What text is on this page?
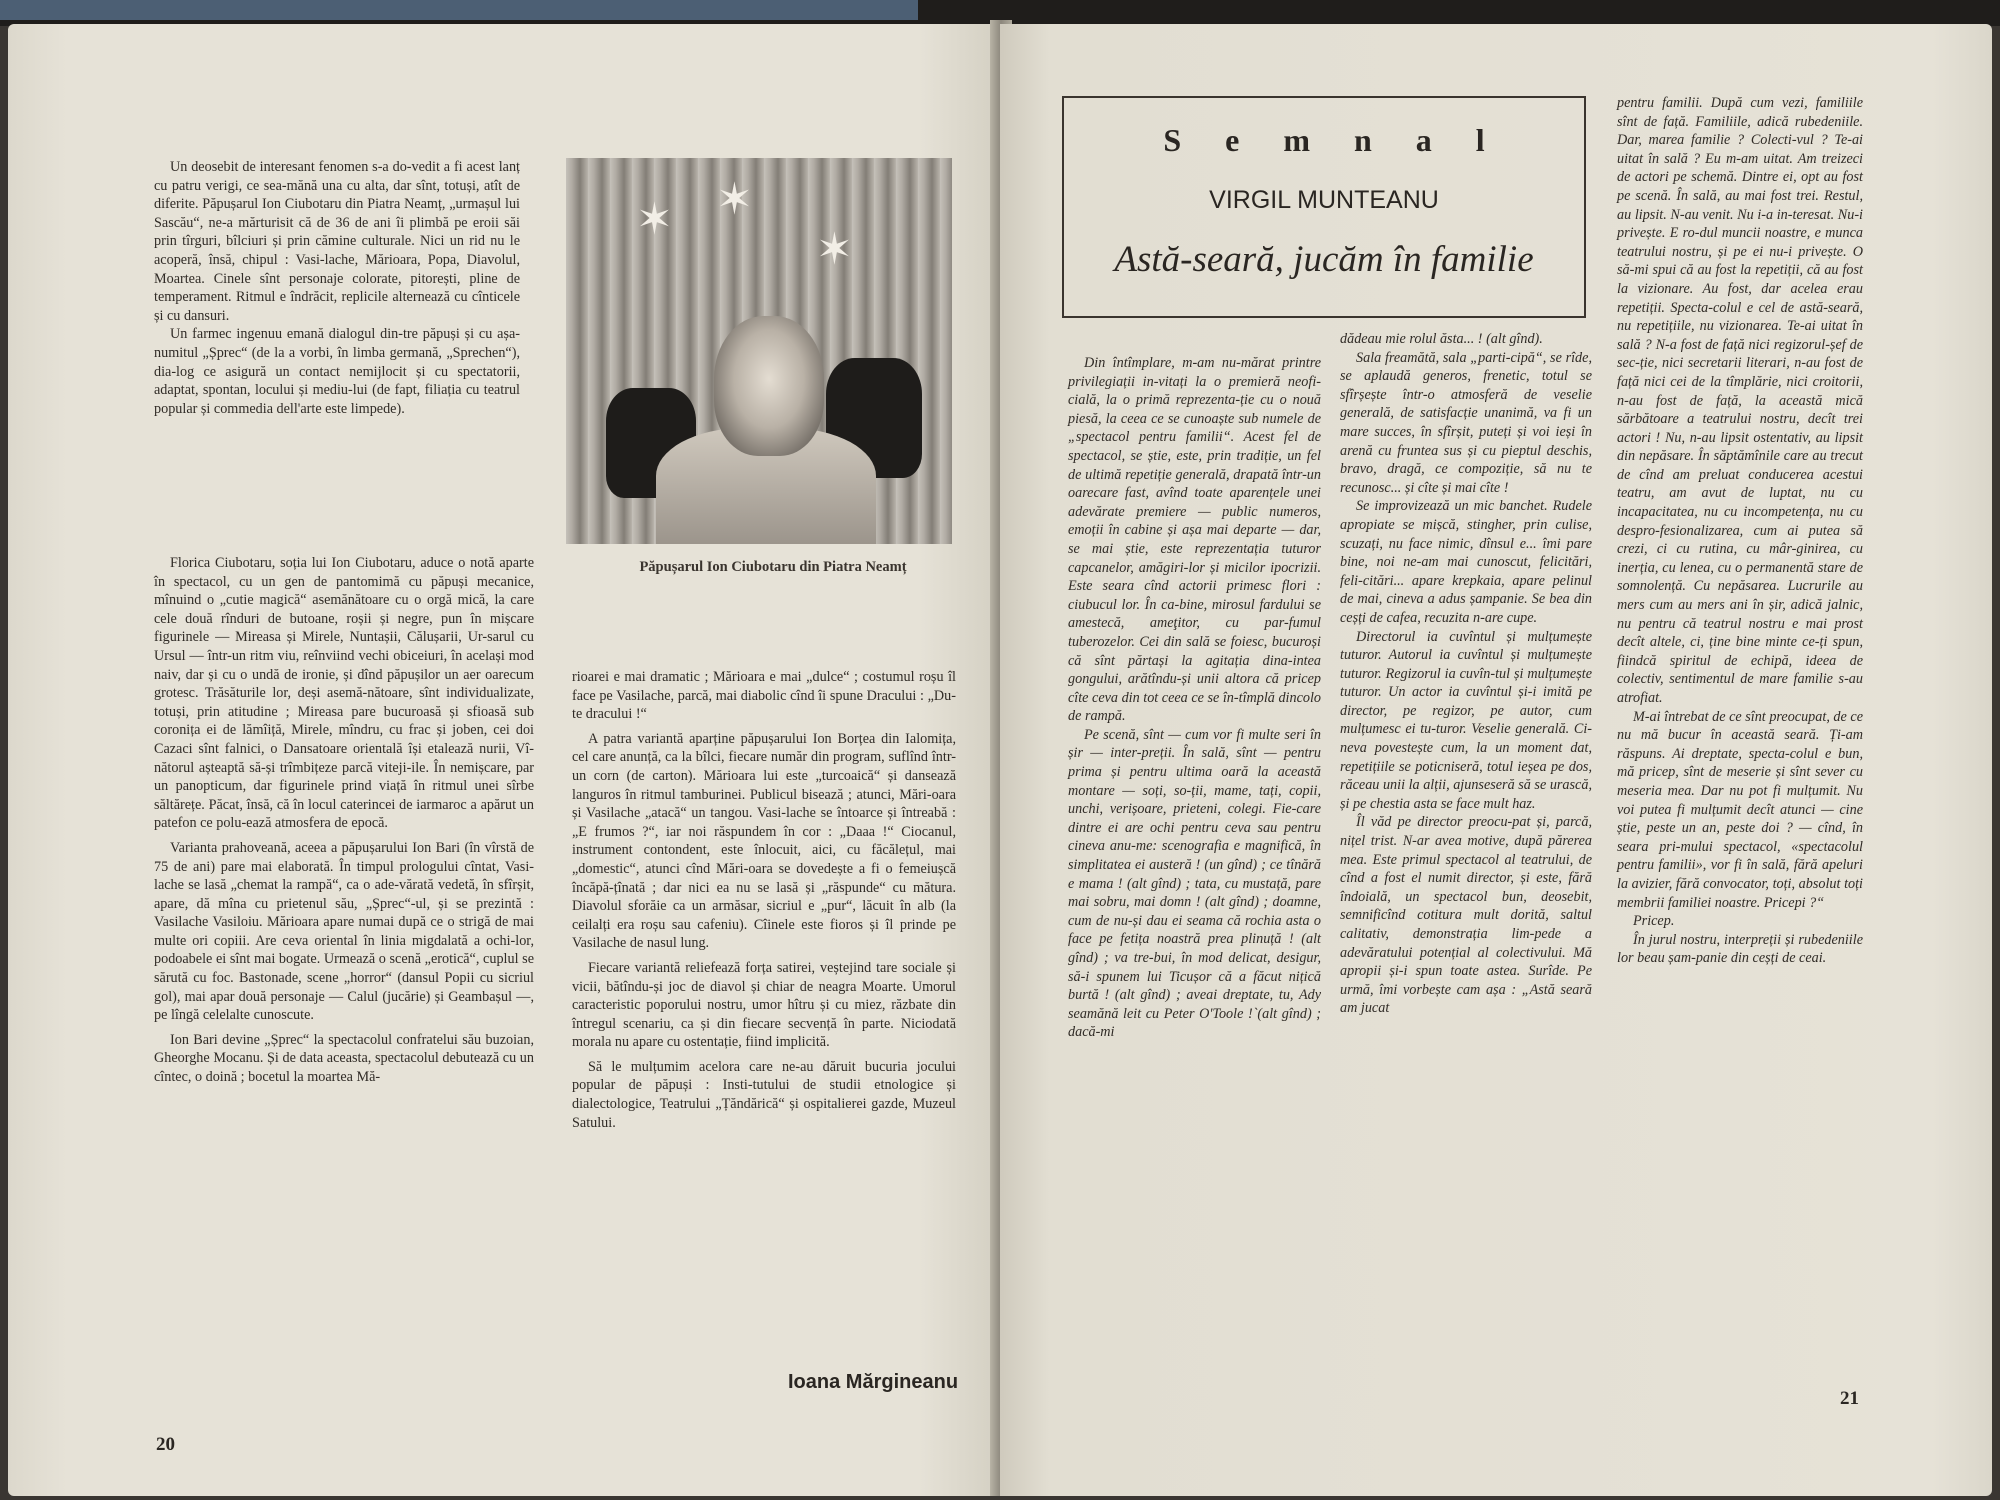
Un deosebit de interesant fenomen s-a do-vedit a fi acest lanț cu patru verigi, ce sea-mănă una cu alta, dar sînt, totuși, atît de diferite. Păpușarul Ion Ciubotaru din Piatra Neamț, „urmașul lui Sasсău“, ne-a mărturisit că de 36 de ani îi plimbă pe eroii săi prin tîrguri, bîlciuri și prin cămine culturale. Nici un rid nu le acoperă, însă, chipul : Vasi-lache, Mărioara, Popa, Diavolul, Moartea. Cinele sînt personaje colorate, pitorești, pline de temperament. Ritmul e îndrăcit, replicile alternează cu cînticele și cu dansuri.

Un farmec ingenuu emană dialogul din-tre păpuși și cu așa-numitul „Șpreс“ (de la a vorbi, în limba germană, „Sprechen“), dia-log ce asigură un contact nemijlocit și cu spectatorii, adaptat, spontan, locului și mediu-lui (de fapt, filiația cu teatrul popular și commedia dell'arte este limpede).

Florica Ciubotaru, soția lui Ion Ciubotaru, aduce o notă aparte în spectacol, cu un gen de pantomimă cu păpuși mecanice, mînuind o „cutie magică“ asemănătoare cu o orgă mică, la care cele două rînduri de butoane, roșii și negre, pun în mișcare figurinele — Mireasa și Mirele, Nuntașii, Călușarii, Ur-sarul cu Ursul — într-un ritm viu, reînviind vechi obiceiuri, în același mod naiv, dar și cu o undă de ironie, și dînd păpușilor un aer oarecum grotesc. Trăsăturile lor, deși asemă-nătoare, sînt individualizate, totuși, prin atitudine ; Mireasa pare bucuroasă și sfioasă sub coronița ei de lămîiță, Mirele, mîndru, cu frac și joben, cei doi Cazaci sînt falnici, o Dansatoare orientală își etalează nurii, Vî-nătorul așteaptă să-și trîmbițeze parcă viteji-ile. În nemișcare, par un panopticum, dar figurinele prind viață în ritmul unei sîrbe săltărețe. Păcat, însă, că în locul caterincei de iarmaroc a apărut un patefon ce polu-ează atmosfera de epocă.

Varianta prahoveană, aceea a păpușarului Ion Bari (în vîrstă de 75 de ani) pare mai elaborată. În timpul prologului cîntat, Vasi-lache se lasă „chemat la rampă“, ca o ade-vărată vedetă, în sfîrșit, apare, dă mîna cu prietenul său, „Șpreс“-ul, și se prezintă : Vasilache Vasiloiu. Mărioara apare numai după ce o strigă de mai multe ori copiii. Are ceva oriental în linia migdalată a ochi-lor, podoabele ei sînt mai bogate. Urmează o scenă „erotică“, cuplul se sărută cu foc. Bastonade, scene „horror“ (dansul Popii cu sicriul gol), mai apar două personaje — Calul (jucărie) și Geambașul —, pe lîngă celelalte cunoscute.

Ion Bari devine „Șpreс“ la spectacolul confratelui său buzoian, Gheorghe Mocanu. Și de data aceasta, spectacolul debutează cu un cîntec, o doină ; bocetul la moartea Mă-

✶ ✶
✶
Păpușarul Ion Ciubotaru din Piatra Neamț

rioarei e mai dramatic ; Mărioara e mai „dulce“ ; costumul roșu îl face pe Vasilache, parcă, mai diabolic cînd îi spune Dracului : „Du-te dracului !“

A patra variantă aparține păpușarului Ion Borțea din Ialomița, cel care anunță, ca la bîlci, fiecare număr din program, suflînd într-un corn (de carton). Mărioara lui este „turcoaică“ și dansează languros în ritmul tamburinei. Publicul bisează ; atunci, Mări-oara și Vasilache „atacă“ un tangou. Vasi-lache se întoarce și întreabă : „E frumos ?“, iar noi răspundem în cor : „Daaa !“ Ciocanul, instrument contondent, este înlocuit, aici, cu făcălețul, mai „domestic“, atunci cînd Mări-oara se dovedește a fi o femeiușcă încăpă-țînată ; dar nici ea nu se lasă și „răspunde“ cu mătura. Diavolul sforăie ca un armăsar, sicriul e „pur“, lăcuit în alb (la ceilalți era roșu sau cafeniu). Cîinele este fioros și îl prinde pe Vasilache de nasul lung.

Fiecare variantă reliefează forța satirei, veștejind tare sociale și vicii, bătîndu-și joc de diavol și chiar de neagra Moarte. Umorul caracteristic poporului nostru, umor hîtru și cu miez, răzbate din întregul scenariu, ca și din fiecare secvență în parte. Niciodată morala nu apare cu ostentație, fiind implicită.

Să le mulțumim acelora care ne-au dăruit bucuria jocului popular de păpuși : Insti-tutului de studii etnologice și dialectologice, Teatrului „Țăndărică“ și ospitalierei gazde, Muzeul Satului.

Ioana Mărgineanu
20
Semnal
VIRGIL MUNTEANU
Astă-seară, jucăm în familie

Din întîmplare, m-am nu-mărat printre privilegiații in-vitați la o premieră neofi-cială, la o primă reprezenta-ție cu o nouă piesă, la ceea ce se cunoaște sub numele de „spectacol pentru familii“. Acest fel de spectacol, se știe, este, prin tradiție, un fel de ultimă repetiție generală, drapată într-un oarecare fast, avînd toate aparențele unei adevărate premiere — public numeros, emoții în cabine și așa mai departe — dar, se mai știe, este reprezentația tuturor capcanelor, amăgiri-lor și micilor ipocrizii. Este seara cînd actorii primesc flori : ciubucul lor. În ca-bine, mirosul fardului se amestecă, ameţitor, cu par-fumul tuberozelor. Cei din sală se foiesc, bucuroși că sînt părtași la agitația dina-intea gongului, arătîndu-și unii altora că pricep cîte ceva din tot ceea ce se în-tîmplă dincolo de rampă.

Pe scenă, sînt — cum vor fi multe seri în șir — inter-preții. În sală, sînt — pentru prima și pentru ultima oară la această montare — soți, so-ții, mame, tați, copii, unchi, verișoare, prieteni, colegi. Fie-care dintre ei are ochi pentru ceva sau pentru cineva anu-me: scenografia e magnifică, în simplitatea ei austeră ! (un gînd) ; ce tînără e mama ! (alt gînd) ; tata, cu mustață, pare mai sobru, mai domn ! (alt gînd) ; doamne, cum de nu-și dau ei seama că rochia asta o face pe fetița noastră prea plinuță ! (alt gînd) ; va tre-bui, în mod delicat, desigur, să-i spunem lui Ticușor că a făcut nițică burtă ! (alt gînd) ; aveai dreptate, tu, Ady seamănă leit cu Peter O'Toole !`(alt gînd) ; dacă-mi

dădeau mie rolul ăsta... ! (alt gînd).

Sala freamătă, sala „parti-cipă“, se rîde, se aplaudă generos, frenetic, totul se sfîrșește într-o atmosferă de veselie generală, de satisfacție unanimă, va fi un mare succes, în sfîrșit, puteți și voi ieși în arenă cu fruntea sus și cu pieptul deschis, bravo, dragă, ce compoziție, să nu te recunosc... și cîte și mai cîte !

Se improvizează un mic banchet. Rudele apropiate se mișcă, stingher, prin culise, scuzați, nu face nimic, dînsul e... îmi pare bine, noi ne-am mai cunoscut, felicitări, feli-citări... apare krepkaia, apare pelinul de mai, cineva a adus șampanie. Se bea din ceșți de cafea, recuzita n-are cupe.

Directorul ia cuvîntul și mulțumește tuturor. Autorul ia cuvîntul și mulțumește tuturor. Regizorul ia cuvîn-tul și mulțumește tuturor. Un actor ia cuvîntul și-i imită pe director, pe regizor, pe autor, cum mulțumesc ei tu-turor. Veselie generală. Ci-neva povestește cum, la un moment dat, repetițiile se poticniseră, totul ieșea pe dos, răceau unii la alții, ajunseseră să se urască, și pe chestia asta se face mult haz.

Îl văd pe director preocu-pat și, parcă, nițel trist. N-ar avea motive, după părerea mea. Este primul spectacol al teatrului, de cînd a fost el numit director, și este, fără îndoială, un spectacol bun, deosebit, semnificînd cotitura mult dorită, saltul calitativ, demonstrația lim-pede a adevăratului potențial al colectivului. Mă apropii și-i spun toate astea. Surîde. Pe urmă, îmi vorbește cam așa : „Astă seară am jucat

pentru familii. După cum vezi, familiile sînt de față. Familiile, adică rubedeniile. Dar, marea familie ? Colecti-vul ? Te-ai uitat în sală ? Eu m-am uitat. Am treizeci de actori pe schemă. Dintre ei, opt au fost pe scenă. În sală, au mai fost trei. Restul, au lipsit. N-au venit. Nu i-a in-teresat. Nu-i privește. E ro-dul muncii noastre, e munca teatrului nostru, și pe ei nu-i privește. O să-mi spui că au fost la repetiții, că au fost la vizionare. Au fost, dar acelea erau repetiții. Specta-colul e cel de astă-seară, nu repetițiile, nu vizionarea. Te-ai uitat în sală ? N-a fost de față nici regizorul-șef de sec-ție, nici secretarii literari, n-au fost de față nici cei de la tîmplărie, nici croitorii, n-au fost de față, la această mică sărbătoare a teatrului nostru, decît trei actori ! Nu, n-au lipsit ostentativ, au lipsit din nepăsare. În săptămînile care au trecut de cînd am preluat conducerea acestui teatru, am avut de luptat, nu cu incapacitatea, nu cu incompetența, nu cu despro-fesionalizarea, cum ai putea să crezi, ci cu rutina, cu mâr-ginirea, cu inerția, cu lenea, cu o permanentă stare de somnolență. Cu nepăsarea. Lucrurile au mers cum au mers ani în șir, adică jalnic, nu pentru că teatrul nostru e mai prost decît altele, ci, ține bine minte ce-ți spun, fiindcă spiritul de echipă, ideea de colectiv, sentimentul de mare familie s-au atrofiat.

M-ai întrebat de ce sînt preocupat, de ce nu mă bucur în această seară. Ți-am răspuns. Ai dreptate, specta-colul e bun, mă pricep, sînt de meserie și sînt sever cu meseria mea. Dar nu pot fi mulțumit. Nu voi putea fi mulțumit decît atunci — cine știe, peste un an, peste doi ? — cînd, în seara pri-mului spectacol, «spectacolul pentru familii», vor fi în sală, fără apeluri la avizier, fără convocator, toți, absolut toți membrii familiei noastre. Pricepi ?“

Pricep.

În jurul nostru, interpreții și rubedeniile lor beau șam-panie din ceșți de ceai.

21
